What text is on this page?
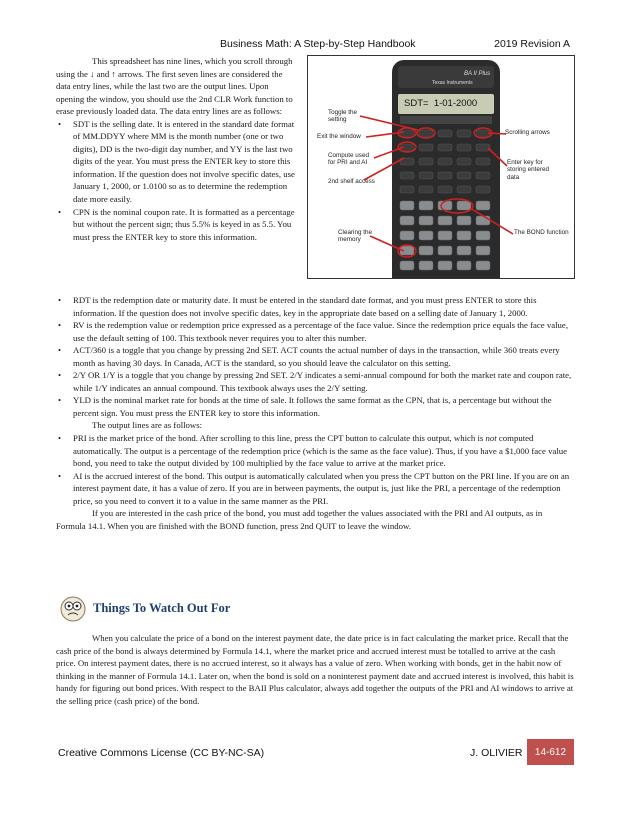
Business Math: A Step-by-Step Handbook	2019 Revision A

This spreadsheet has nine lines, which you scroll through using the ↓ and ↑ arrows. The first seven lines are considered the data entry lines, while the last two are the output lines. Upon opening the window, you should use the 2nd CLR Work function to erase previously loaded data. The data entry lines are as follows:

• SDT is the selling date. It is entered in the standard date format of MM.DDYY where MM is the month number (one or two digits), DD is the two-digit day number, and YY is the last two digits of the year. You must press the ENTER key to store this information. If the question does not involve specific dates, use January 1, 2000, or 1.0100 so as to determine the redemption date more easily.
• CPN is the nominal coupon rate. It is formatted as a percentage but without the percent sign; thus 5.5% is keyed in as 5.5. You must press the ENTER key to store this information.
BA II Plus
Texas Instruments
SDT=  1-01-2000
Toggle the setting
Exit the window
Compute used for PRI and AI
2nd shelf access
Clearing the memory
Scrolling arrows
Enter key for storing entered data
The BOND function
• RDT is the redemption date or maturity date. It must be entered in the standard date format, and you must press ENTER to store this information. If the question does not involve specific dates, key in the appropriate date based on a selling date of January 1, 2000.
• RV is the redemption value or redemption price expressed as a percentage of the face value. Since the redemption price equals the face value, use the default setting of 100. This textbook never requires you to alter this number.
• ACT/360 is a toggle that you change by pressing 2nd SET. ACT counts the actual number of days in the transaction, while 360 treats every month as having 30 days. In Canada, ACT is the standard, so you should leave the calculator on this setting.
• 2/Y OR 1/Y is a toggle that you change by pressing 2nd SET. 2/Y indicates a semi-annual compound for both the market rate and coupon rate, while 1/Y indicates an annual compound. This textbook always uses the 2/Y setting.
• YLD is the nominal market rate for bonds at the time of sale. It follows the same format as the CPN, that is, a percentage but without the percent sign. You must press the ENTER key to store this information.

The output lines are as follows:

• PRI is the market price of the bond. After scrolling to this line, press the CPT button to calculate this output, which is not computed automatically. The output is a percentage of the redemption price (which is the same as the face value). Thus, if you have a $1,000 face value bond, you need to take the output divided by 100 multiplied by the face value to arrive at the market price.
• AI is the accrued interest of the bond. This output is automatically calculated when you press the CPT button on the PRI line. If you are on an interest payment date, it has a value of zero. If you are in between payments, the output is, just like the PRI, a percentage of the redemption price, so you need to convert it to a value in the same manner as the PRI.

If you are interested in the cash price of the bond, you must add together the values associated with the PRI and AI outputs, as in Formula 14.1. When you are finished with the BOND function, press 2nd QUIT to leave the window.

Things To Watch Out For

When you calculate the price of a bond on the interest payment date, the date price is in fact calculating the market price. Recall that the cash price of the bond is always determined by Formula 14.1, where the market price and accrued interest must be totalled to arrive at the cash price. On interest payment dates, there is no accrued interest, so it always has a value of zero. When working with bonds, get in the habit now of thinking in the manner of Formula 14.1. Later on, when the bond is sold on a noninterest payment date and accrued interest is involved, this habit is handy for figuring out bond prices. With respect to the BAII Plus calculator, always add together the outputs of the PRI and AI windows to arrive at the selling price (cash price) of the bond.

Creative Commons License (CC BY-NC-SA)	J. OLIVIER	14-612
